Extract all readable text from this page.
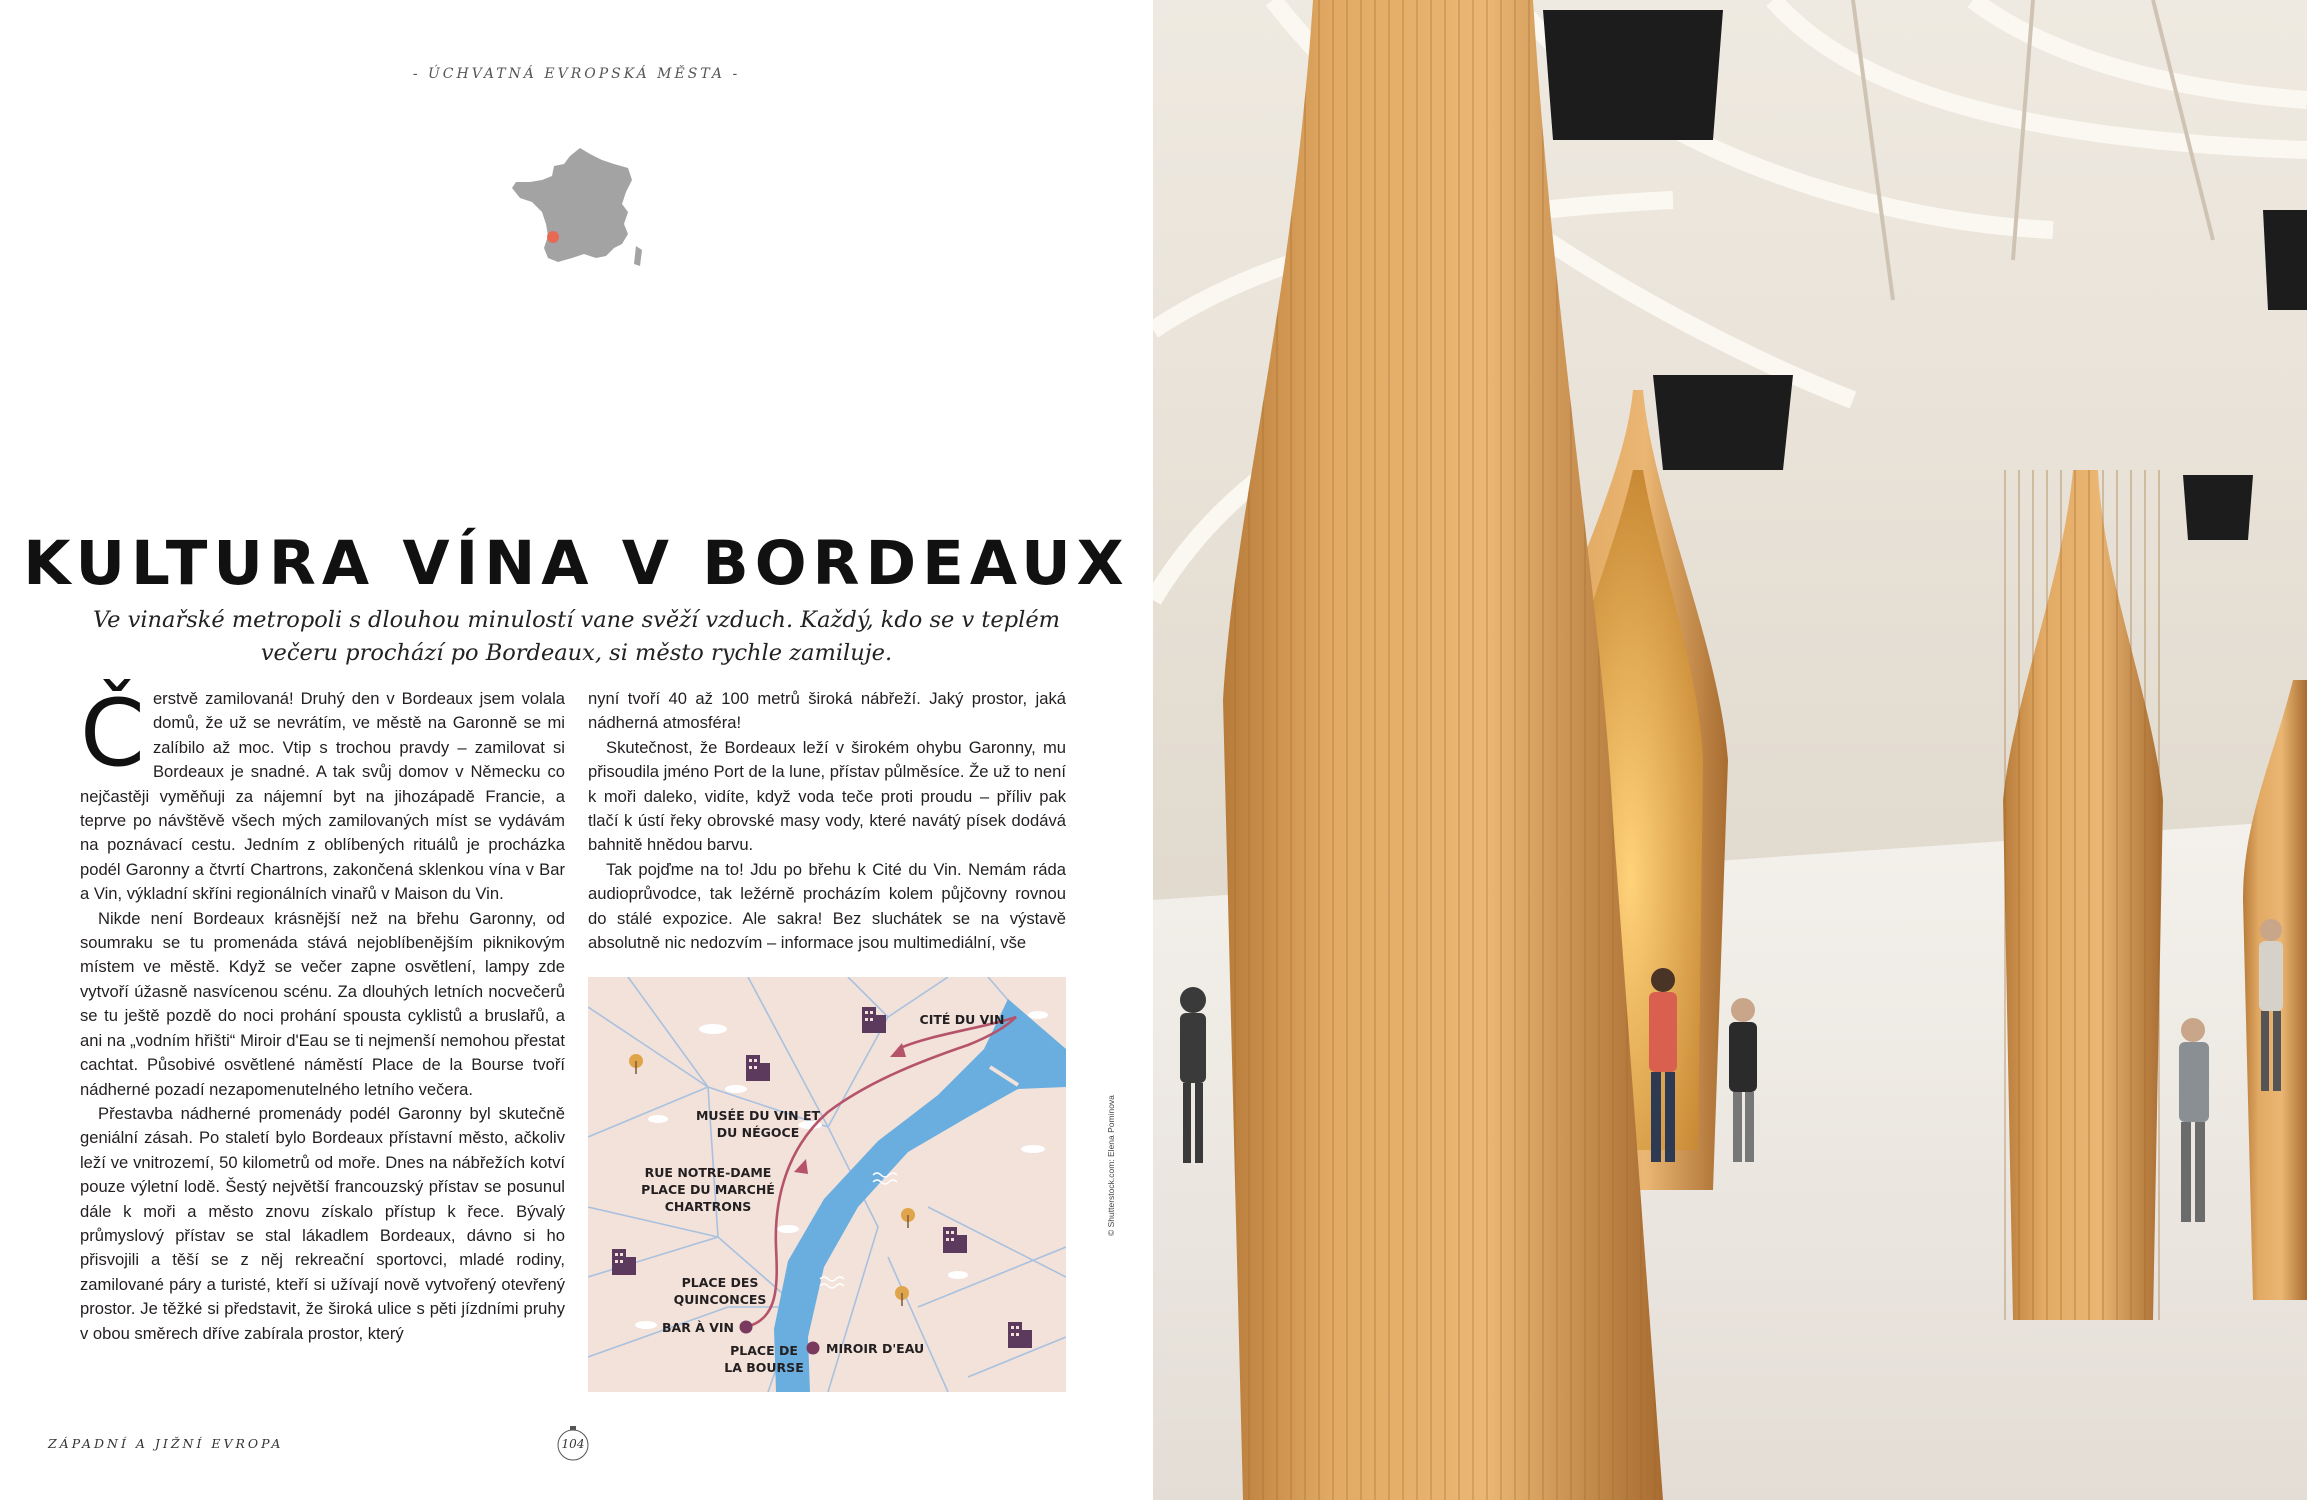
- ÚCHVATNÁ EVROPSKÁ MĚSTA -
KULTURA VÍNA V BORDEAUX
Ve vinařské metropoli s dlouhou minulostí vane svěží vzduch. Každý, kdo se v teplém večeru prochází po Bordeaux, si město rychle zamiluje.

Čerstvě zamilovaná! Druhý den v Bordeaux jsem volala domů, že už se nevrátím, ve městě na Garonně se mi zalíbilo až moc. Vtip s trochou pravdy – zamilovat si Bordeaux je snadné. A tak svůj domov v Německu co nejčastěji vyměňuji za nájemní byt na jihozápadě Francie, a teprve po návštěvě všech mých zamilovaných míst se vydávám na poznávací cestu. Jedním z oblíbených rituálů je procházka podél Garonny a čtvrtí Chartrons, zakončená sklenkou vína v Bar a Vin, výkladní skříni regionálních vinařů v Maison du Vin.

Nikde není Bordeaux krásnější než na břehu Garonny, od soumraku se tu promenáda stává nejoblíbenějším piknikovým místem ve městě. Když se večer zapne osvětlení, lampy zde vytvoří úžasně nasvícenou scénu. Za dlouhých letních nocvečerů se tu ještě pozdě do noci prohání spousta cyklistů a bruslařů, a ani na „vodním hřišti“ Miroir d'Eau se ti nejmenší nemohou přestat cachtat. Působivé osvětlené náměstí Place de la Bourse tvoří nádherné pozadí nezapomenutelného letního večera.

Přestavba nádherné promenády podél Garonny byl skutečně geniální zásah. Po staletí bylo Bordeaux přístavní město, ačkoliv leží ve vnitrozemí, 50 kilometrů od moře. Dnes na nábřežích kotví pouze výletní lodě. Šestý největší francouzský přístav se posunul dále k moři a město znovu získalo přístup k řece. Bývalý průmyslový přístav se stal lákadlem Bordeaux, dávno si ho přisvojili a těší se z něj rekreační sportovci, mladé rodiny, zamilované páry a turisté, kteří si užívají nově vytvořený otevřený prostor. Je těžké si představit, že široká ulice s pěti jízdními pruhy v obou směrech dříve zabírala prostor, který

nyní tvoří 40 až 100 metrů široká nábřeží. Jaký prostor, jaká nádherná atmosféra!

Skutečnost, že Bordeaux leží v širokém ohybu Garonny, mu přisoudila jméno Port de la lune, přístav půlměsíce. Že už to není k moři daleko, vidíte, když voda teče proti proudu – příliv pak tlačí k ústí řeky obrovské masy vody, které navátý písek dodává bahnitě hnědou barvu.

Tak pojďme na to! Jdu po břehu k Cité du Vin. Nemám ráda audioprůvodce, tak ležérně procházím kolem půjčovny rovnou do stálé expozice. Ale sakra! Bez sluchátek se na výstavě absolutně nic nedozvím – informace jsou multimediální, vše

CITÉ DU VIN
MUSÉE DU VIN ET
DU NÉGOCE
RUE NOTRE-DAME
PLACE DU MARCHÉ
CHARTRONS
PLACE DES
QUINCONCES
BAR À VIN
PLACE DE
LA BOURSE
MIROIR D'EAU
© Shutterstock.com: Elena Pominova
ZÁPADNÍ A JIŽNÍ EVROPA	104
